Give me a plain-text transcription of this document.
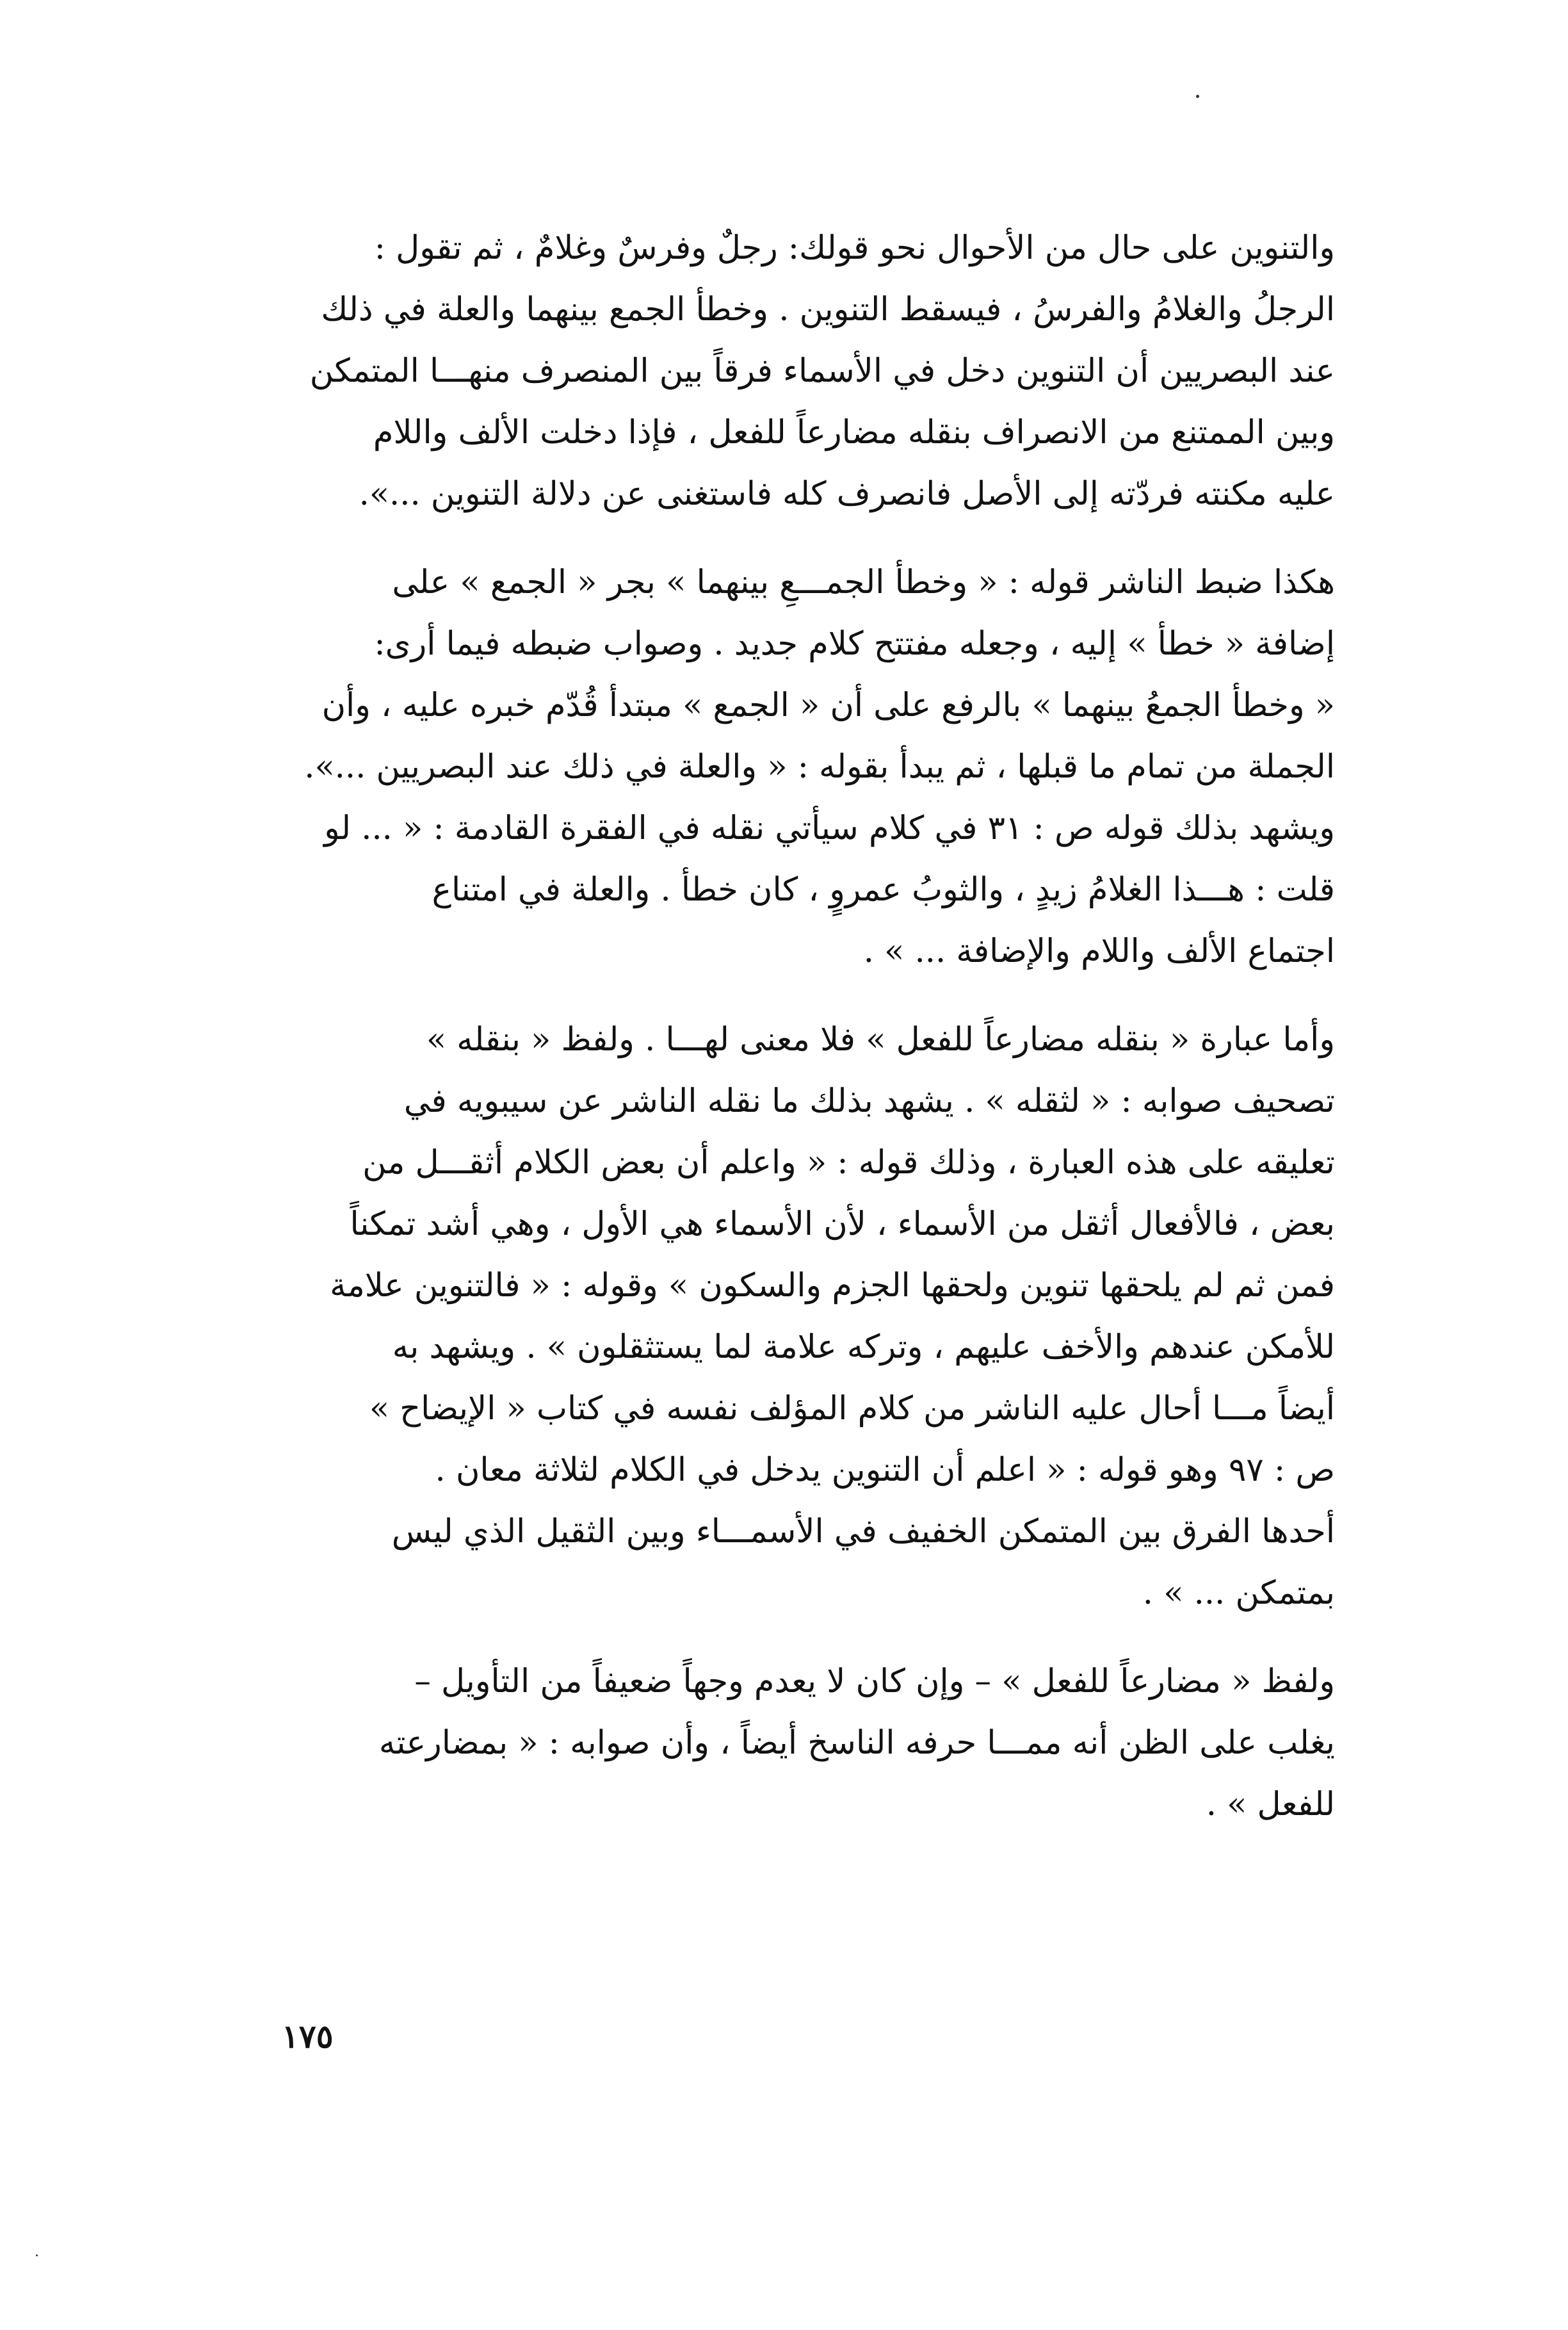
والتنوين على حال من الأحوال نحو قولك: رجلٌ وفرسٌ وغلامٌ ، ثم تقول :
الرجلُ والغلامُ والفرسُ ، فيسقط التنوين . وخطأ الجمع بينهما والعلة في ذلك
عند البصريين أن التنوين دخل في الأسماء فرقاً بين المنصرف منهـــا المتمكن
وبين الممتنع من الانصراف بنقله مضارعاً للفعل ، فإذا دخلت الألف واللام
عليه مكنته فردّته إلى الأصل فانصرف كله فاستغنى عن دلالة التنوين ...».

هكذا ضبط الناشر قوله : « وخطأ الجمـــعِ بينهما » بجر « الجمع » على
إضافة « خطأ » إليه ، وجعله مفتتح كلام جديد . وصواب ضبطه فيما أرى:
« وخطأ الجمعُ بينهما » بالرفع على أن « الجمع » مبتدأ قُدّم خبره عليه ، وأن
الجملة من تمام ما قبلها ، ثم يبدأ بقوله : « والعلة في ذلك عند البصريين ...».
ويشهد بذلك قوله ص : ٣١ في كلام سيأتي نقله في الفقرة القادمة : « ... لو
قلت : هـــذا الغلامُ زيدٍ ، والثوبُ عمروٍ ، كان خطأ . والعلة في امتناع
اجتماع الألف واللام والإضافة ... » .

وأما عبارة « بنقله مضارعاً للفعل » فلا معنى لهـــا . ولفظ « بنقله »
تصحيف صوابه : « لثقله » . يشهد بذلك ما نقله الناشر عن سيبويه في
تعليقه على هذه العبارة ، وذلك قوله : « واعلم أن بعض الكلام أثقـــل من
بعض ، فالأفعال أثقل من الأسماء ، لأن الأسماء هي الأول ، وهي أشد تمكناً
فمن ثم لم يلحقها تنوين ولحقها الجزم والسكون » وقوله : « فالتنوين علامة
للأمكن عندهم والأخف عليهم ، وتركه علامة لما يستثقلون » . ويشهد به
أيضاً مـــا أحال عليه الناشر من كلام المؤلف نفسه في كتاب « الإيضاح »
ص : ٩٧ وهو قوله : « اعلم أن التنوين يدخل في الكلام لثلاثة معان .
أحدها الفرق بين المتمكن الخفيف في الأسمـــاء وبين الثقيل الذي ليس
بمتمكن ... » .

ولفظ « مضارعاً للفعل » – وإن كان لا يعدم وجهاً ضعيفاً من التأويل –
يغلب على الظن أنه ممـــا حرفه الناسخ أيضاً ، وأن صوابه : « بمضارعته
للفعل » .

١٧٥
